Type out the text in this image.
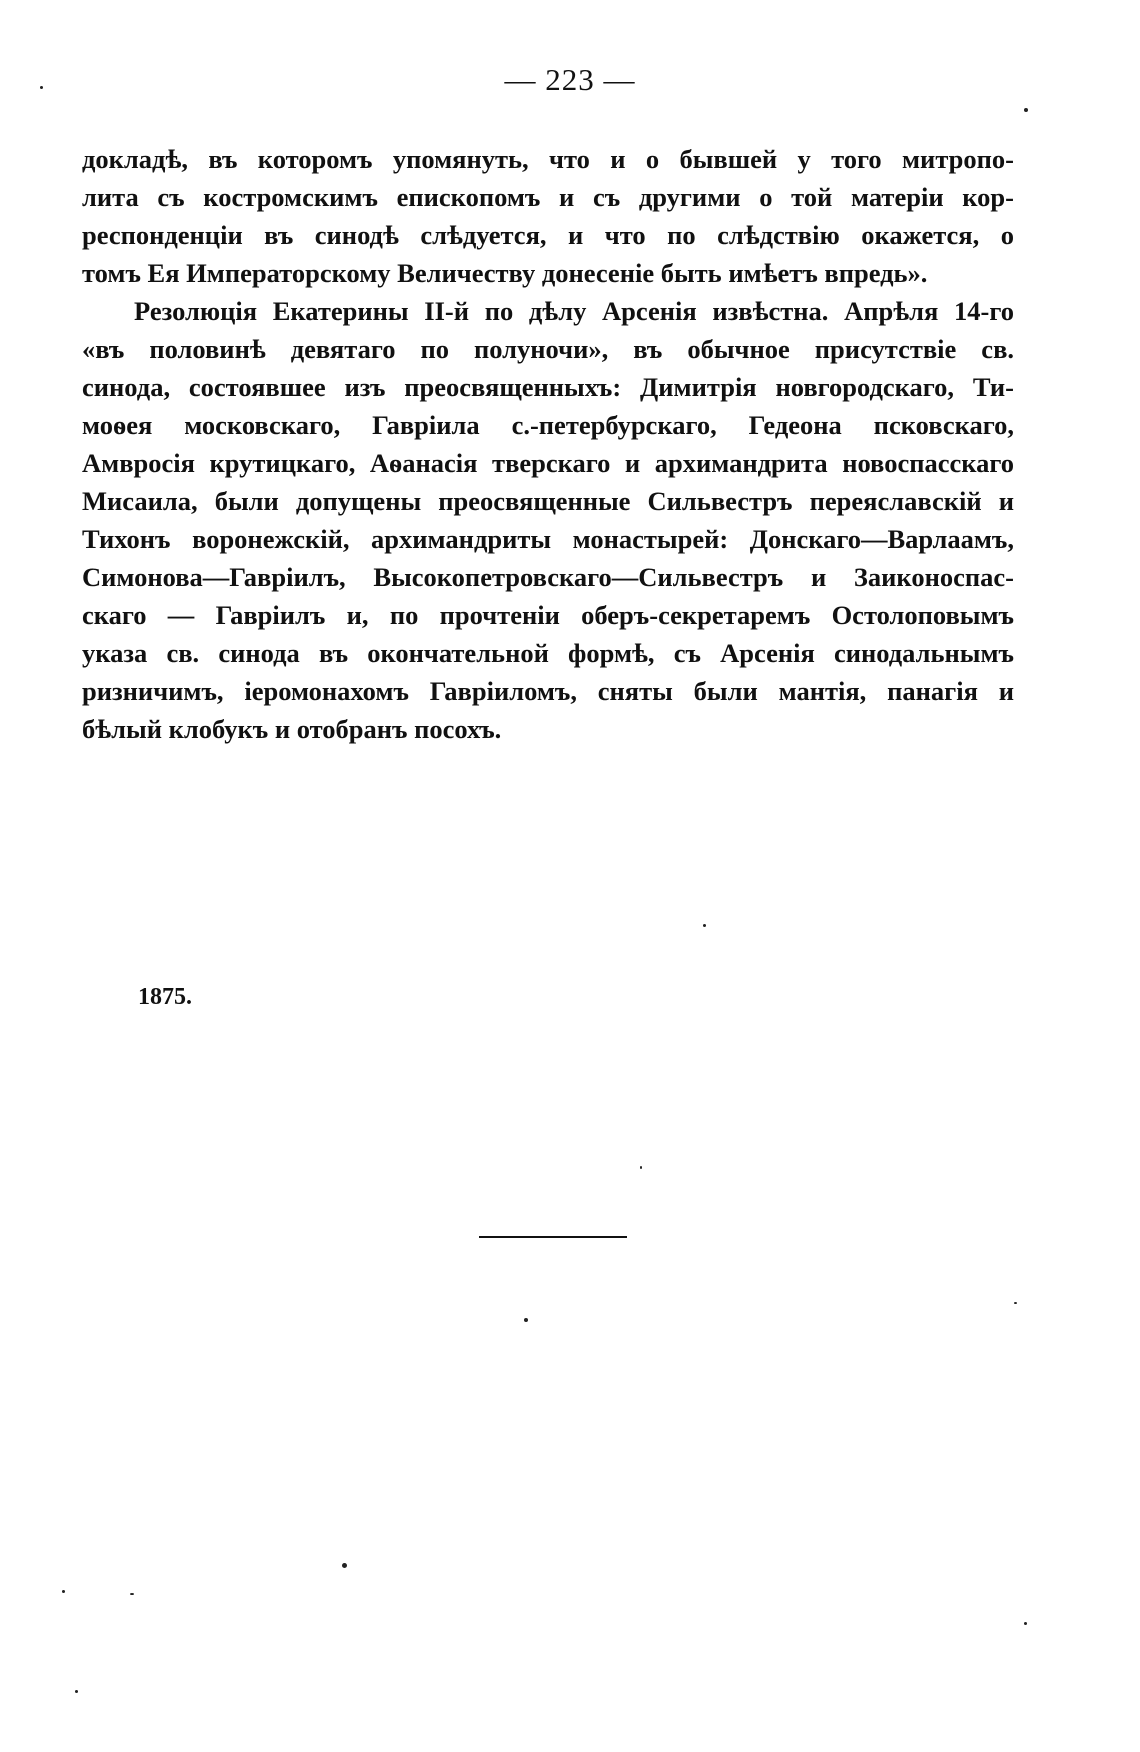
— 223 —
докладѣ, въ которомъ упомянуть, что и о бывшей у того митропо-
лита съ костромскимъ епископомъ и съ другими о той матеріи кор-
респонденціи въ синодѣ слѣдуется, и что по слѣдствію окажется, о
томъ Ея Императорскому Величеству донесеніе быть имѣетъ впредь».
Резолюція Екатерины II-й по дѣлу Арсенія извѣстна. Апрѣля 14-го
«въ половинѣ девятаго по полуночи», въ обычное присутствіе св.
синода, состоявшее изъ преосвященныхъ: Димитрія новгородскаго, Ти-
моѳея московскаго, Гавріила с.-петербурскаго, Гедеона псковскаго,
Амвросія крутицкаго, Аѳанасія тверскаго и архимандрита новоспасскаго
Мисаила, были допущены преосвященные Сильвестръ переяславскій и
Тихонъ воронежскій, архимандриты монастырей: Донскаго—Варлаамъ,
Симонова—Гавріилъ, Высокопетровскаго—Сильвестръ и Заиконоспас-
скаго — Гавріилъ и, по прочтеніи оберъ-секретаремъ Остолоповымъ
указа св. синода въ окончательной формѣ, съ Арсенія синодальнымъ
ризничимъ, іеромонахомъ Гавріиломъ, сняты были мантія, панагія и
бѣлый клобукъ и отобранъ посохъ.
1875.
